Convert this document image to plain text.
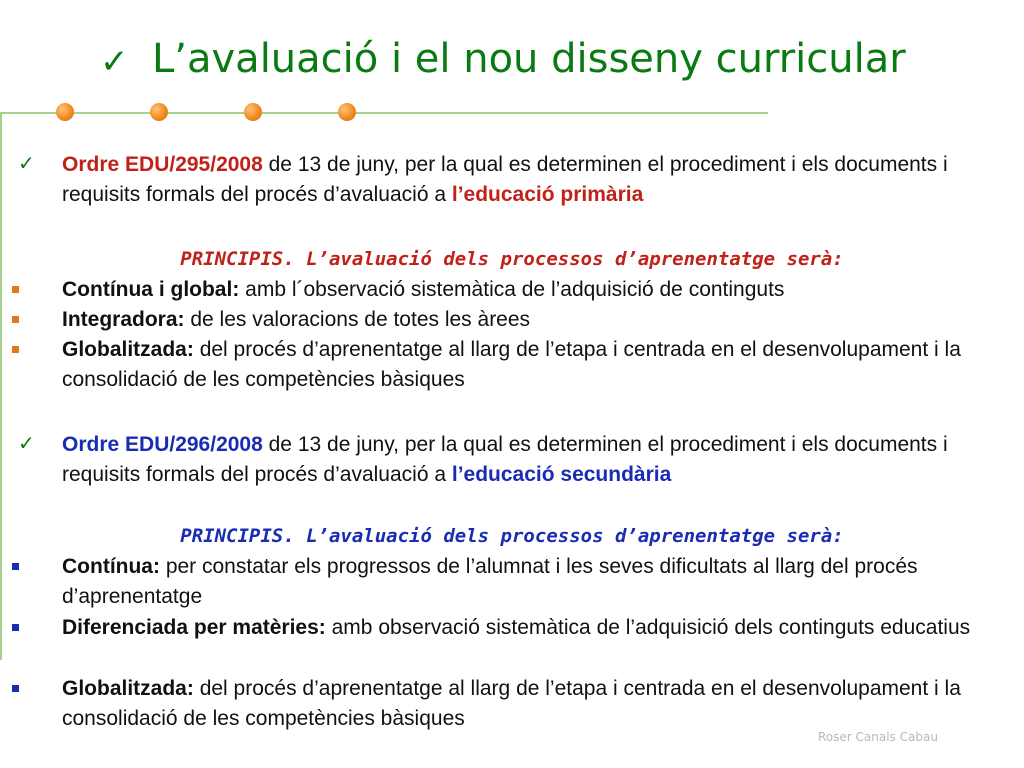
✓ L’avaluació i el nou disseny curricular
✓ Ordre EDU/295/2008 de 13 de juny, per la qual es determinen el procediment i els documents i requisits formals del procés d’avaluació a l’educació primària
PRINCIPIS. L’avaluació dels processos d’aprenentatge serà:
Contínua i global: amb l´observació sistemàtica de l’adquisició de continguts
Integradora: de les valoracions de totes les àrees
Globalitzada: del procés d’aprenentatge al llarg de l’etapa i centrada en el desenvolupament i la consolidació de les competències bàsiques
✓ Ordre EDU/296/2008 de 13 de juny, per la qual es determinen el procediment i els documents i requisits formals del procés d’avaluació a l’educació secundària
PRINCIPIS. L’avaluació dels processos d’aprenentatge serà:
Contínua: per constatar els progressos de l’alumnat i les seves dificultats al llarg del procés d’aprenentatge
Diferenciada per matèries: amb observació sistemàtica de l’adquisició dels continguts educatius
Globalitzada: del procés d’aprenentatge al llarg de l’etapa i centrada en el desenvolupament i la consolidació de les competències bàsiques
Roser Canals Cabau
